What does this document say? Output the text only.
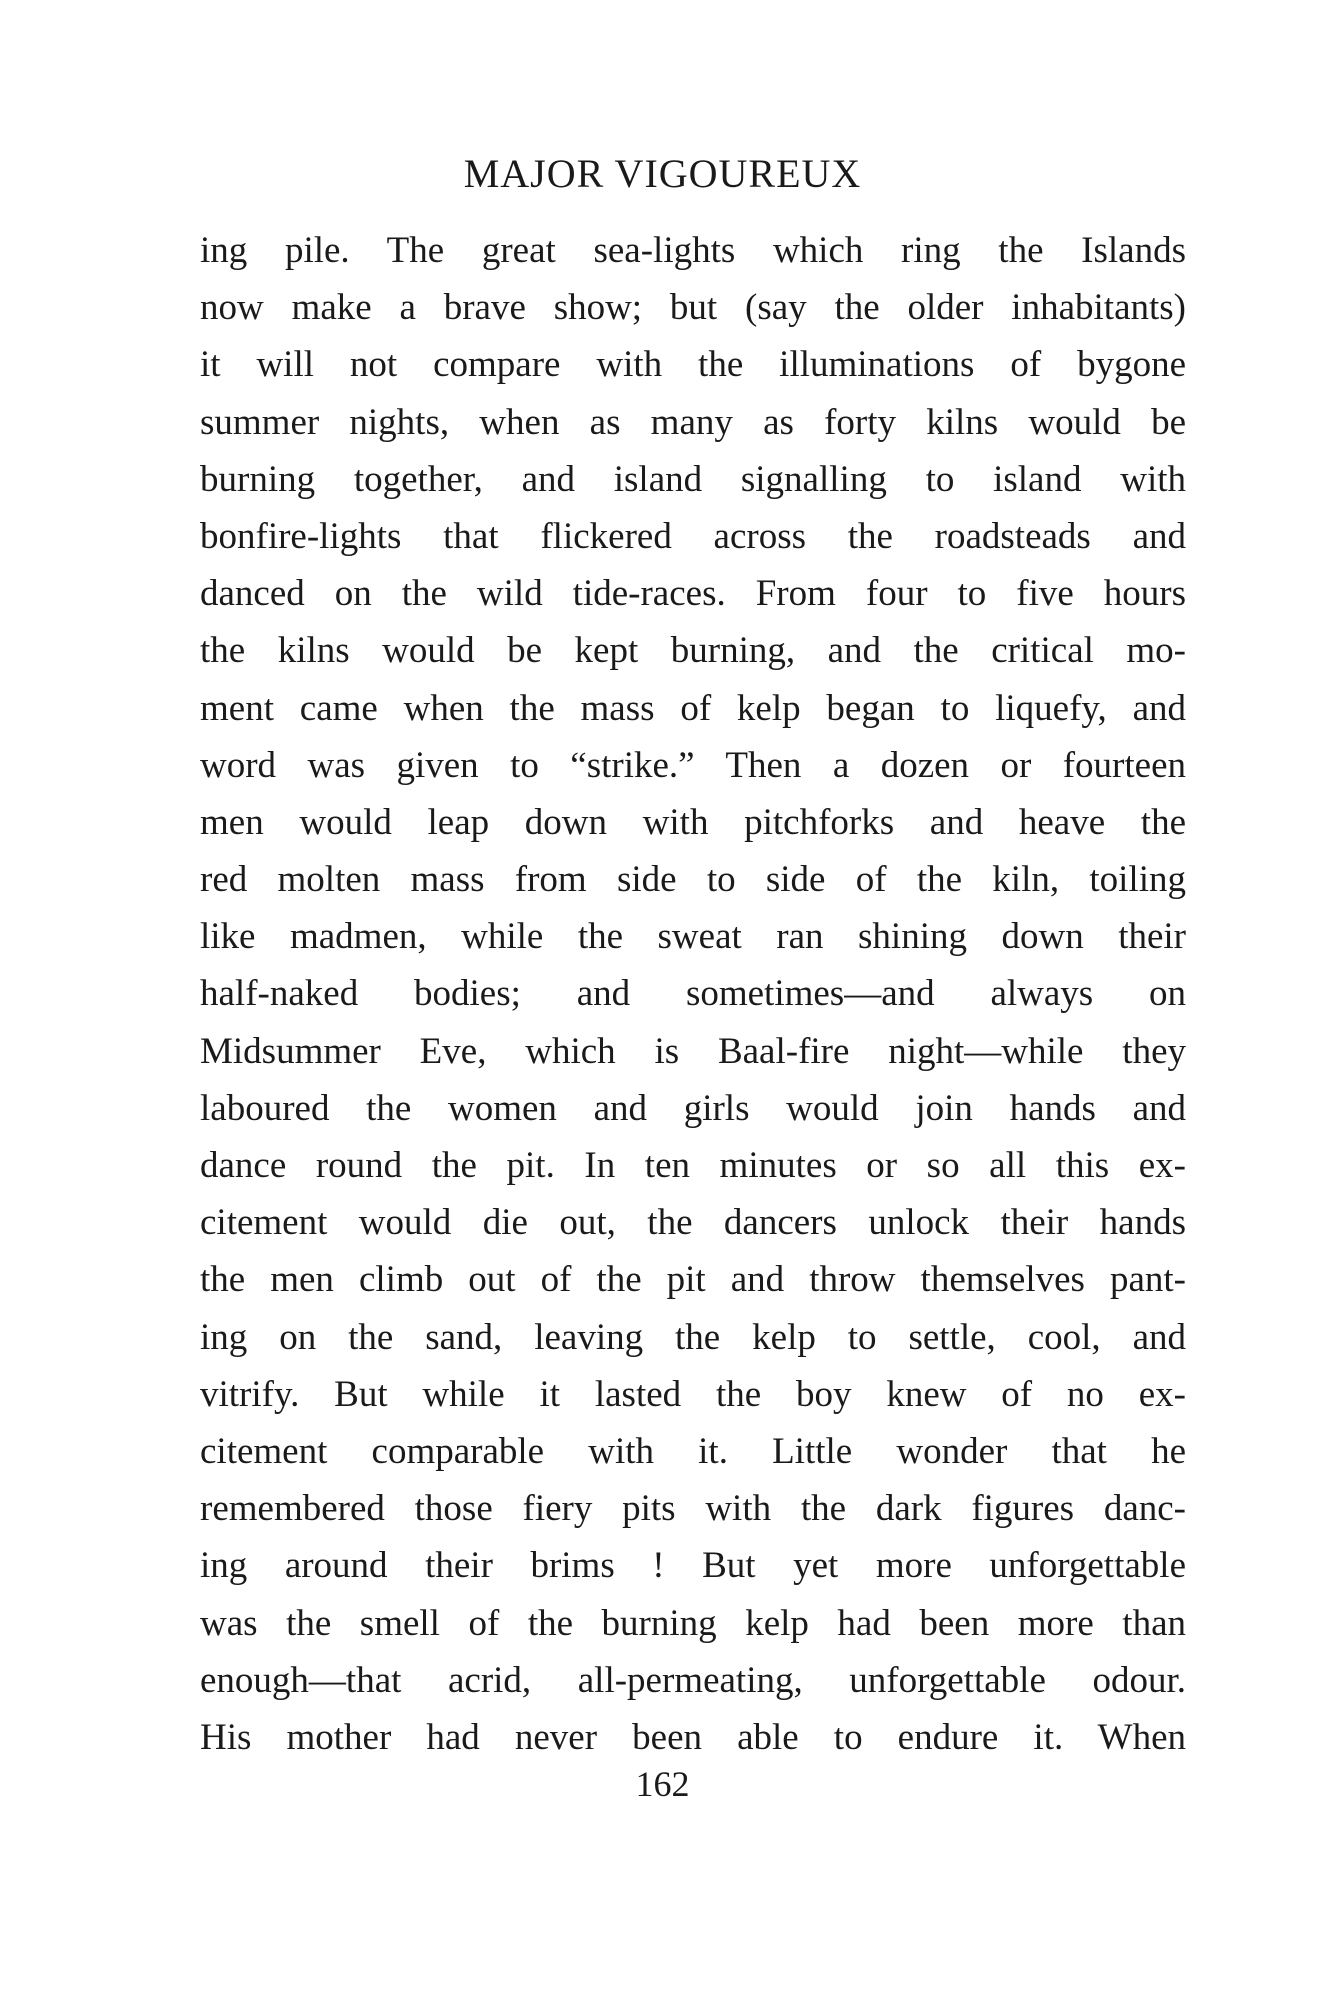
MAJOR VIGOUREUX
ing pile. The great sea-lights which ring the Islands
now make a brave show; but (say the older inhabitants)
it will not compare with the illuminations of bygone
summer nights, when as many as forty kilns would be
burning together, and island signalling to island with
bonfire-lights that flickered across the roadsteads and
danced on the wild tide-races. From four to five hours
the kilns would be kept burning, and the critical mo-
ment came when the mass of kelp began to liquefy, and
word was given to “strike.” Then a dozen or fourteen
men would leap down with pitchforks and heave the
red molten mass from side to side of the kiln, toiling
like madmen, while the sweat ran shining down their
half-naked bodies; and sometimes—and always on
Midsummer Eve, which is Baal-fire night—while they
laboured the women and girls would join hands and
dance round the pit. In ten minutes or so all this ex-
citement would die out, the dancers unlock their hands
the men climb out of the pit and throw themselves pant-
ing on the sand, leaving the kelp to settle, cool, and
vitrify. But while it lasted the boy knew of no ex-
citement comparable with it. Little wonder that he
remembered those fiery pits with the dark figures danc-
ing around their brims ! But yet more unforgettable
was the smell of the burning kelp had been more than
enough—that acrid, all-permeating, unforgettable odour.
His mother had never been able to endure it. When
162
